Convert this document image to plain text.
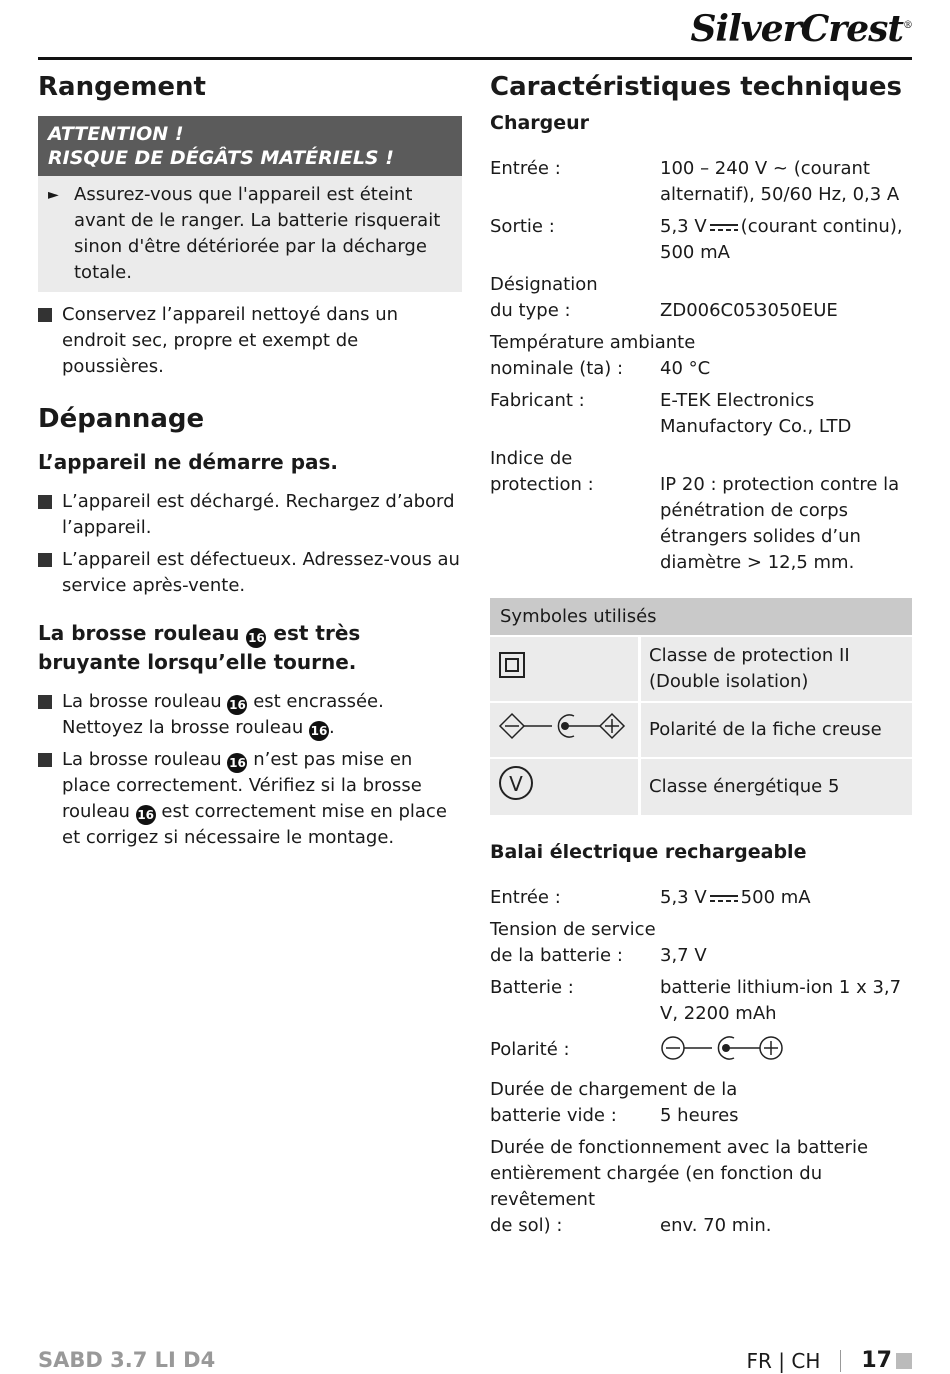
SilverCrest®
Rangement
ATTENTION !
RISQUE DE DÉGÂTS MATÉRIELS !
► Assurez-vous que l'appareil est éteint avant de le ranger. La batterie risquerait sinon d'être détériorée par la décharge totale.

Conservez l’appareil nettoyé dans un endroit sec, propre et exempt de poussières.
Dépannage
L’appareil ne démarre pas.
L’appareil est déchargé. Rechargez d’abord l’appareil.
L’appareil est défectueux. Adressez-vous au service après-vente.
La brosse rouleau 16 est très bruyante lorsqu’elle tourne.
La brosse rouleau 16 est encrassée. Nettoyez la brosse rouleau 16.
La brosse rouleau 16 n’est pas mise en place correctement. Vérifiez si la brosse rouleau 16 est correctement mise en place et corrigez si nécessaire le montage.
Caractéristiques techniques
Chargeur
Entrée :	100 – 240 V ~ (courant alternatif), 50/60 Hz, 0,3 A
Sortie :	5,3 V (courant continu), 500 mA
Désignation
du type :
	ZD006C053050EUE
Température ambiante
nominale (ta) :	40 °C
Fabricant :	E-TEK Electronics Manufactory Co., LTD
Indice de
protection :
	IP 20 : protection contre la pénétration de corps étrangers solides d’un diamètre > 12,5 mm.
Symboles utilisés	
	Classe de protection II (Double isolation)
	Polarité de la fiche creuse

V	Classe énergétique 5
Balai électrique rechargeable
Entrée :	5,3 V 500 mA
Tension de service
de la batterie :
	3,7 V
Batterie :	batterie lithium-ion 1 x 3,7 V, 2200 mAh
Polarité :
Durée de chargement de la
batterie vide :	5 heures
Durée de fonctionnement avec la batterie entièrement chargée (en fonction du revêtement
de sol) :	env. 70 min.
SABD 3.7 LI D4	FR | CH 17
